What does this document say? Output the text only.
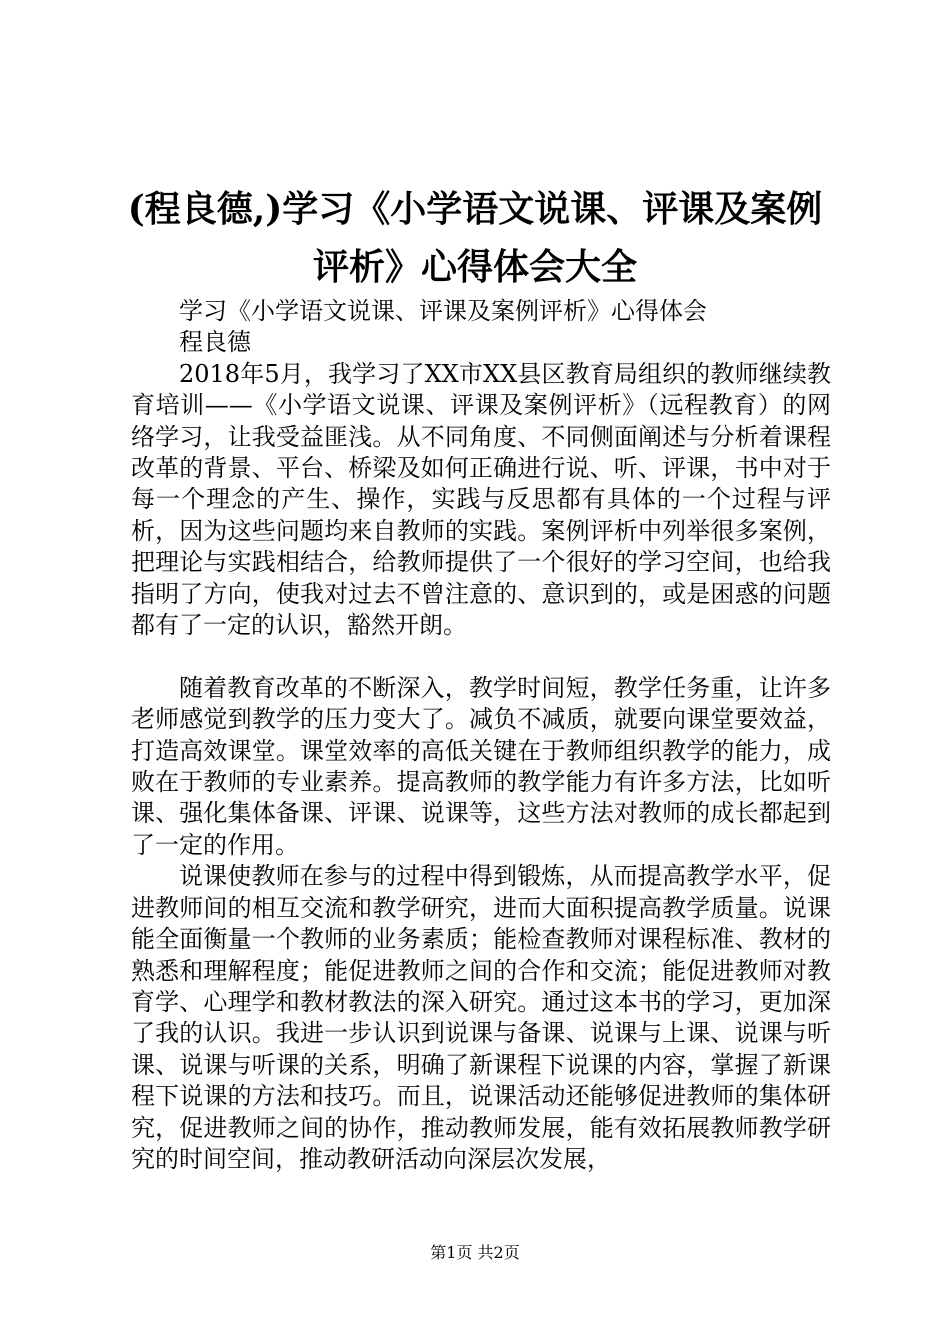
(程良德,)学习《小学语文说课、评课及案例
评析》心得体会大全

学习《小学语文说课、评课及案例评析》心得体会

程良德

2018年5月，我学习了XX市XX县区教育局组织的教师继续教育培训——《小学语文说课、评课及案例评析》（远程教育）的网络学习，让我受益匪浅。从不同角度、不同侧面阐述与分析着课程改革的背景、平台、桥梁及如何正确进行说、听、评课，书中对于每一个理念的产生、操作，实践与反思都有具体的一个过程与评析，因为这些问题均来自教师的实践。案例评析中列举很多案例，把理论与实践相结合，给教师提供了一个很好的学习空间，也给我指明了方向，使我对过去不曾注意的、意识到的，或是困惑的问题都有了一定的认识，豁然开朗。

随着教育改革的不断深入，教学时间短，教学任务重，让许多老师感觉到教学的压力变大了。减负不减质，就要向课堂要效益，打造高效课堂。课堂效率的高低关键在于教师组织教学的能力，成败在于教师的专业素养。提高教师的教学能力有许多方法，比如听课、强化集体备课、评课、说课等，这些方法对教师的成长都起到了一定的作用。

说课使教师在参与的过程中得到锻炼，从而提高教学水平，促进教师间的相互交流和教学研究，进而大面积提高教学质量。说课能全面衡量一个教师的业务素质；能检查教师对课程标准、教材的熟悉和理解程度；能促进教师之间的合作和交流；能促进教师对教育学、心理学和教材教法的深入研究。通过这本书的学习，更加深了我的认识。我进一步认识到说课与备课、说课与上课、说课与听课、说课与听课的关系，明确了新课程下说课的内容，掌握了新课程下说课的方法和技巧。而且，说课活动还能够促进教师的集体研究，促进教师之间的协作，推动教师发展，能有效拓展教师教学研究的时间空间，推动教研活动向深层次发展，

第1页 共2页
